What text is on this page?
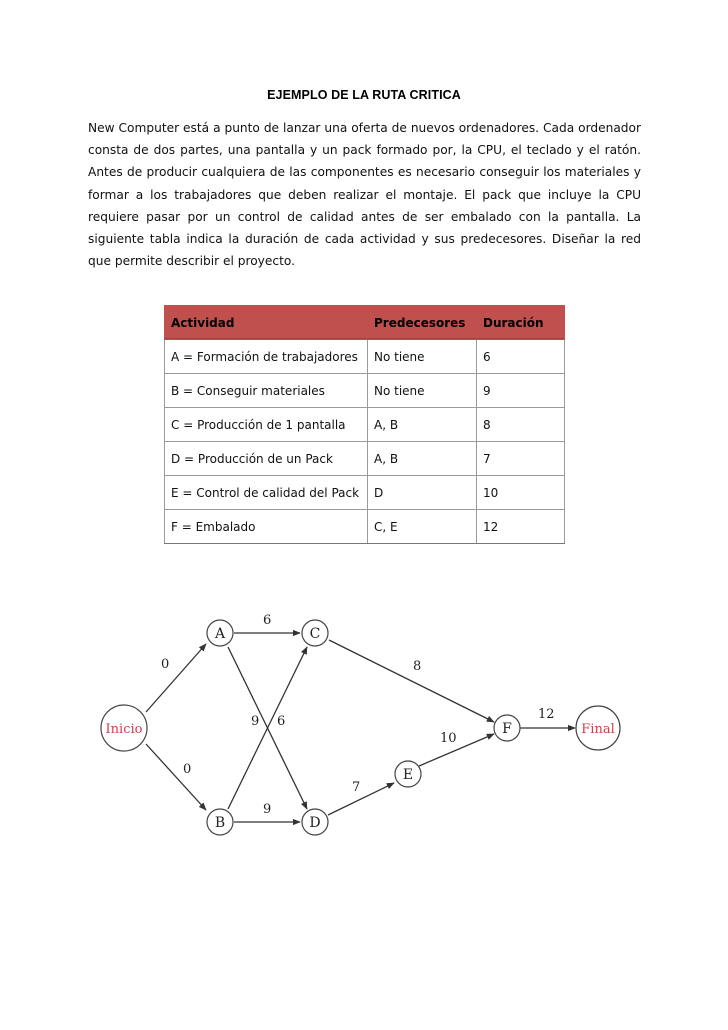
EJEMPLO DE LA RUTA CRITICA
New Computer está a punto de lanzar una oferta de nuevos ordenadores. Cada ordenador consta de dos partes, una pantalla y un pack formado por, la CPU, el teclado y el ratón. Antes de producir cualquiera de las componentes es necesario conseguir los materiales y formar a los trabajadores que deben realizar el montaje. El pack que incluye la CPU requiere pasar por un control de calidad antes de ser embalado con la pantalla. La siguiente tabla indica la duración de cada actividad y sus predecesores. Diseñar la red que permite describir el proyecto.
Actividad	Predecesores	Duración
A = Formación de trabajadores	No tiene	6
B = Conseguir materiales	No tiene	9
C = Producción de 1 pantalla	A, B	8
D = Producción de un Pack	A, B	7
E = Control de calidad del Pack	D	10
F = Embalado	C, E	12
0
0
6
9 6
9
8
10
7
12
Inicio
A
B
C
D
E
F	Final
